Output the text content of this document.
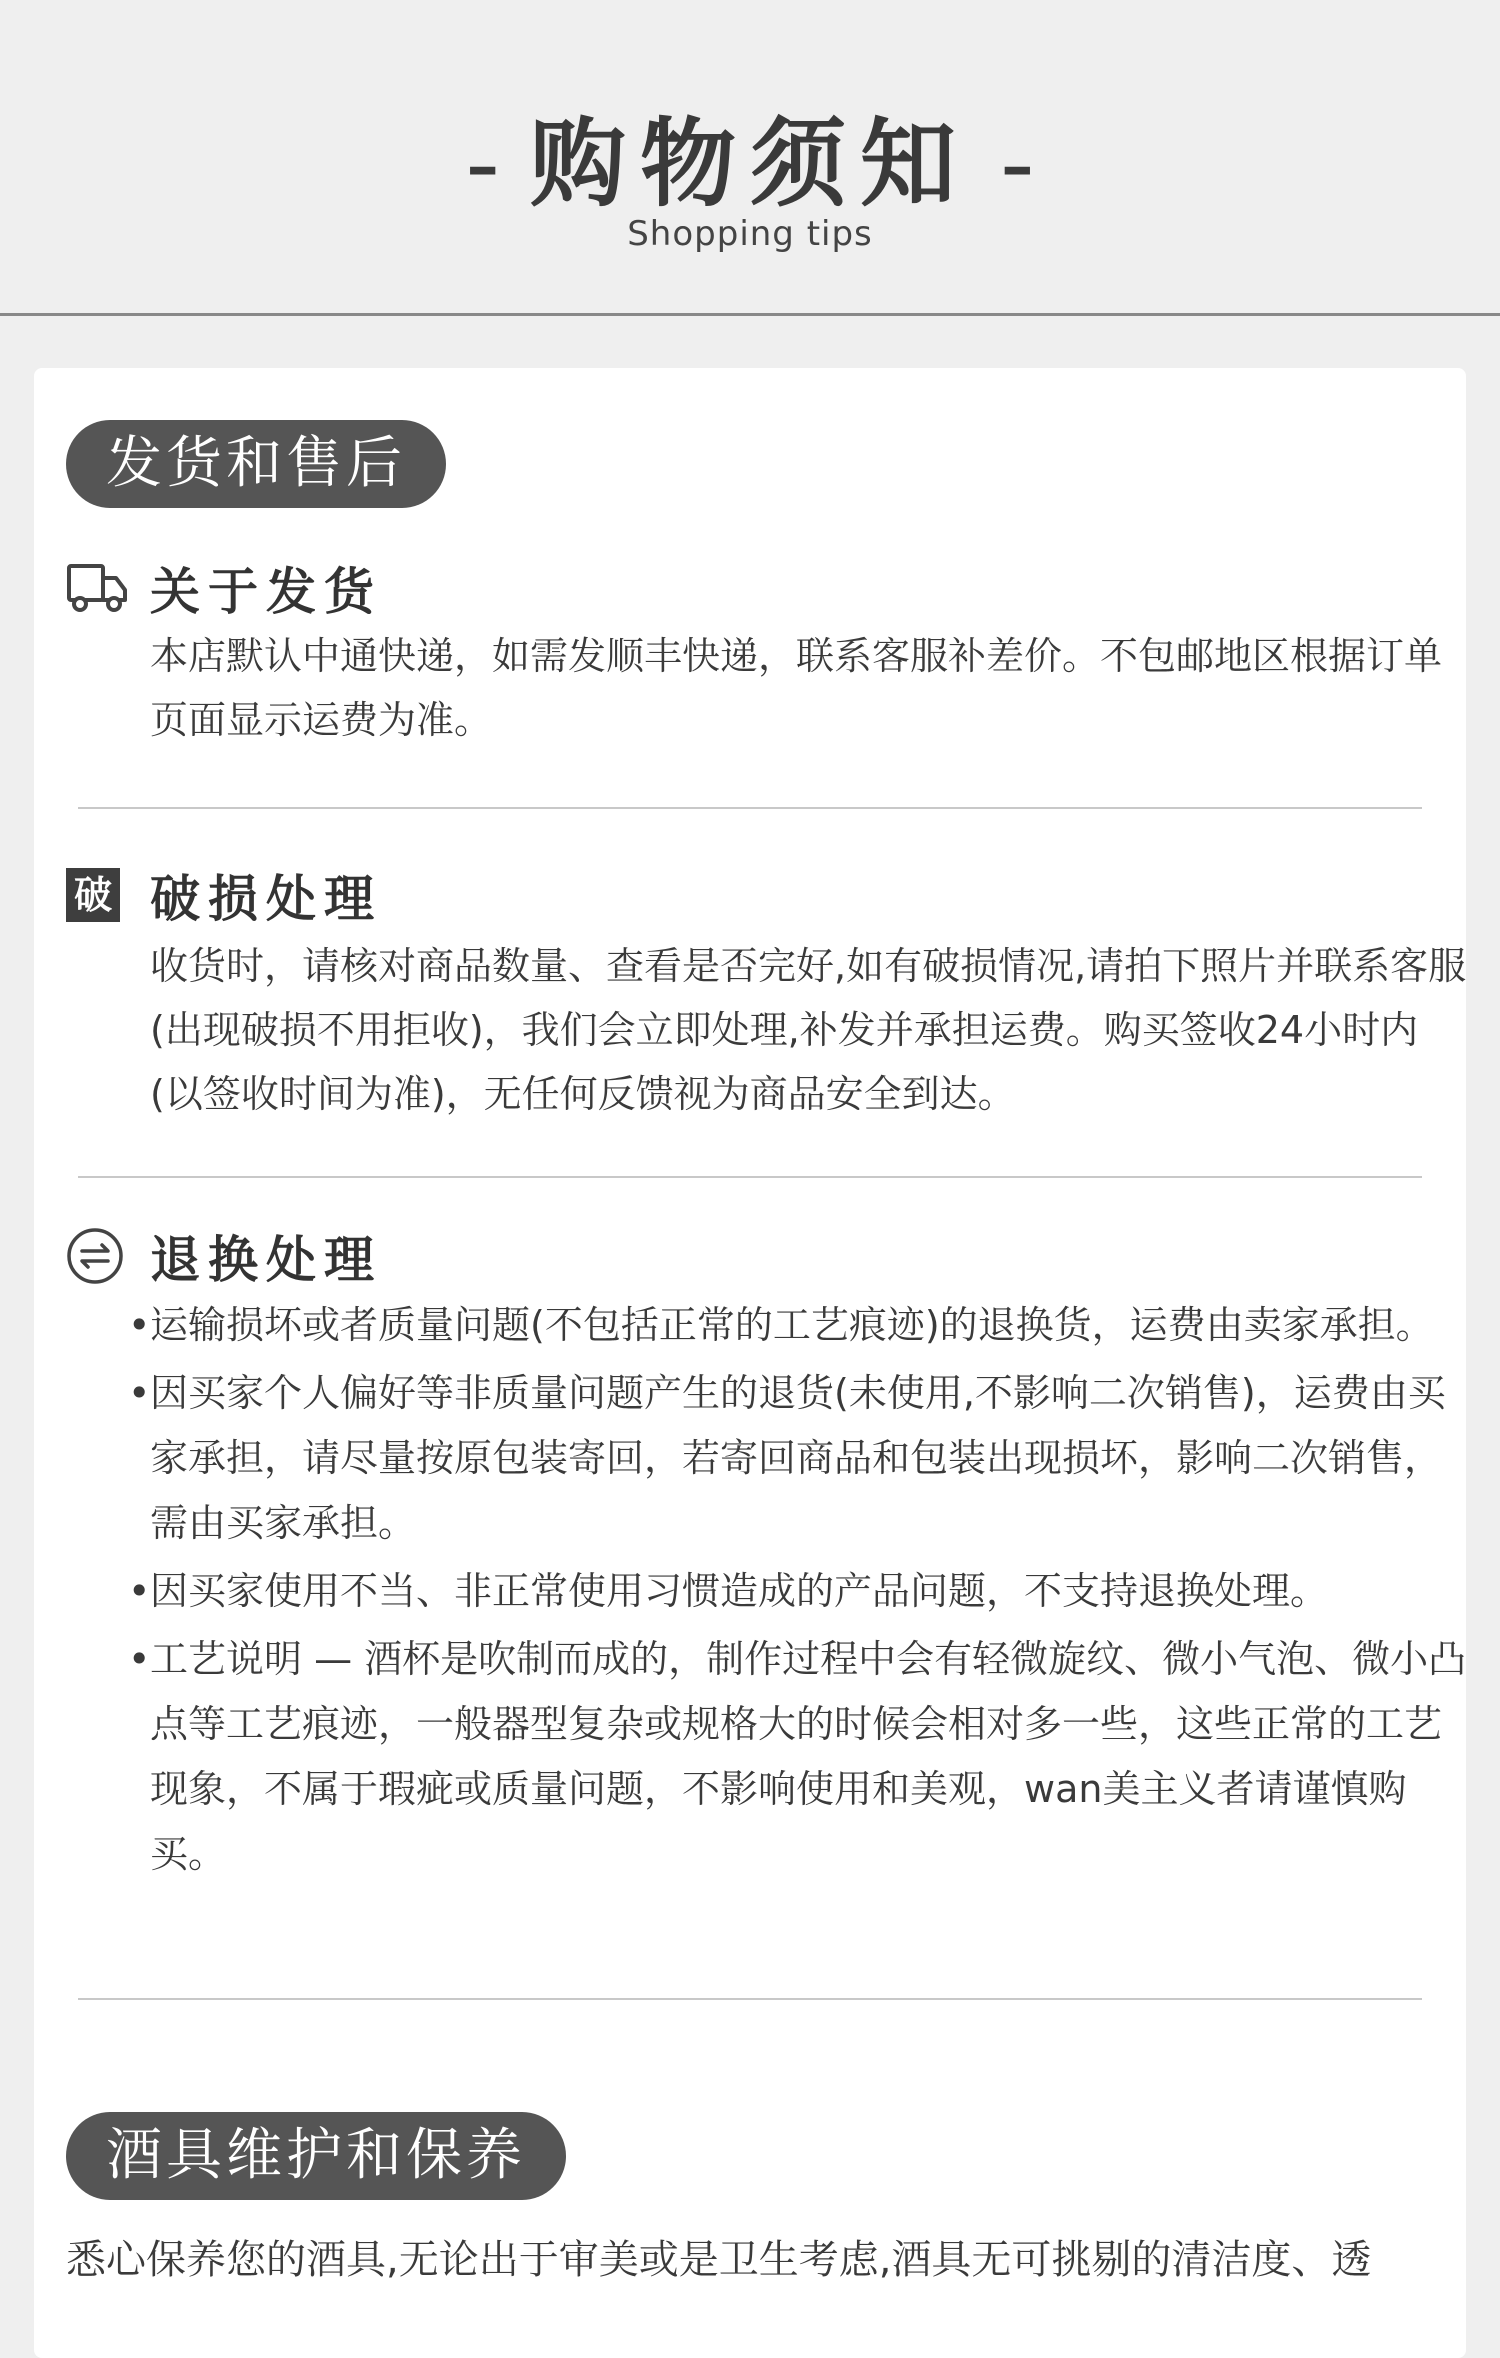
- 购物须知 -
Shopping tips
发货和售后
关于发货

本店默认中通快递，如需发顺丰快递，联系客服补差价。不包邮地区根据订单页面显示运费为准。

破 破损处理

收货时，请核对商品数量、查看是否完好,如有破损情况,请拍下照片并联系客服(出现破损不用拒收)，我们会立即处理,补发并承担运费。购买签收24小时内(以签收时间为准)，无任何反馈视为商品安全到达。

退换处理
• 运输损坏或者质量问题(不包括正常的工艺痕迹)的退换货，运费由卖家承担。
• 因买家个人偏好等非质量问题产生的退货(未使用,不影响二次销售)，运费由买家承担，请尽量按原包装寄回，若寄回商品和包装出现损坏，影响二次销售，需由买家承担。
• 因买家使用不当、非正常使用习惯造成的产品问题，不支持退换处理。
• 工艺说明 — 酒杯是吹制而成的，制作过程中会有轻微旋纹、微小气泡、微小凸点等工艺痕迹，一般器型复杂或规格大的时候会相对多一些，这些正常的工艺现象，不属于瑕疵或质量问题，不影响使用和美观，wan美主义者请谨慎购买。
酒具维护和保养

悉心保养您的酒具,无论出于审美或是卫生考虑,酒具无可挑剔的清洁度、透
